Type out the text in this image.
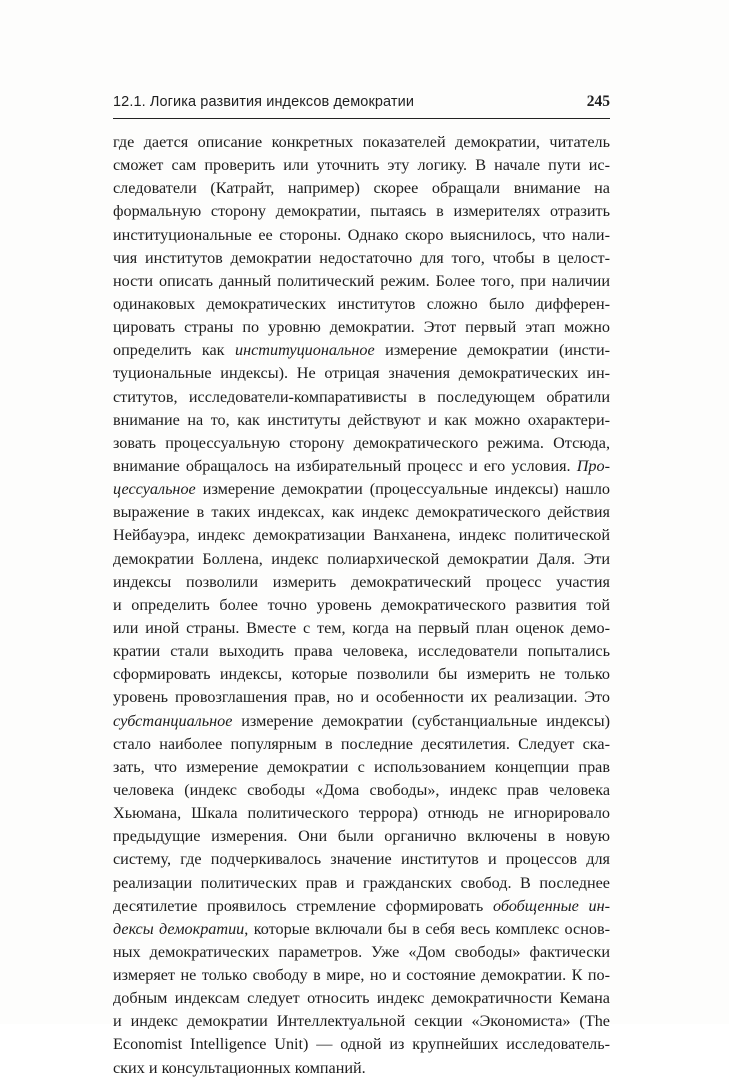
12.1. Логика развития индексов демократии	245
где дается описание конкретных показателей демократии, читатель
сможет сам проверить или уточнить эту логику. В начале пути ис-
следователи (Катрайт, например) скорее обращали внимание на
формальную сторону демократии, пытаясь в измерителях отразить
институциональные ее стороны. Однако скоро выяснилось, что нали-
чия институтов демократии недостаточно для того, чтобы в целост-
ности описать данный политический режим. Более того, при наличии
одинаковых демократических институтов сложно было дифферен-
цировать страны по уровню демократии. Этот первый этап можно
определить как институциональное измерение демократии (инсти-
туциональные индексы). Не отрицая значения демократических ин-
ститутов, исследователи-компаративисты в последующем обратили
внимание на то, как институты действуют и как можно охарактери-
зовать процессуальную сторону демократического режима. Отсюда,
внимание обращалось на избирательный процесс и его условия. Про-
цессуальное измерение демократии (процессуальные индексы) нашло
выражение в таких индексах, как индекс демократического действия
Нейбауэра, индекс демократизации Ванханена, индекс политической
демократии Боллена, индекс полиархической демократии Даля. Эти
индексы позволили измерить демократический процесс участия
и определить более точно уровень демократического развития той
или иной страны. Вместе с тем, когда на первый план оценок демо-
кратии стали выходить права человека, исследователи попытались
сформировать индексы, которые позволили бы измерить не только
уровень провозглашения прав, но и особенности их реализации. Это
субстанциальное измерение демократии (субстанциальные индексы)
стало наиболее популярным в последние десятилетия. Следует ска-
зать, что измерение демократии с использованием концепции прав
человека (индекс свободы «Дома свободы», индекс прав человека
Хьюмана, Шкала политического террора) отнюдь не игнорировало
предыдущие измерения. Они были органично включены в новую
систему, где подчеркивалось значение институтов и процессов для
реализации политических прав и гражданских свобод. В последнее
десятилетие проявилось стремление сформировать обобщенные ин-
дексы демократии, которые включали бы в себя весь комплекс основ-
ных демократических параметров. Уже «Дом свободы» фактически
измеряет не только свободу в мире, но и состояние демократии. К по-
добным индексам следует относить индекс демократичности Кемана
и индекс демократии Интеллектуальной секции «Экономиста» (The
Economist Intelligence Unit) — одной из крупнейших исследователь-
ских и консультационных компаний.
